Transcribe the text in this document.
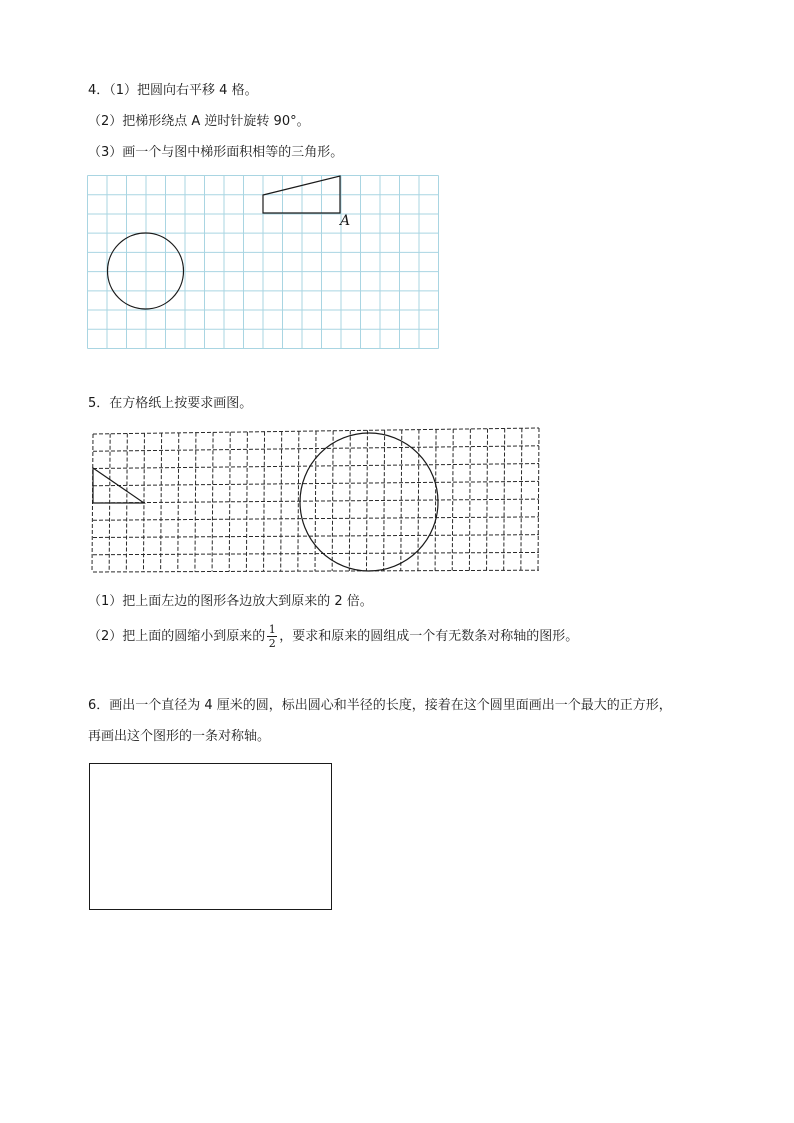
4．（1）把圆向右平移 4 格。
（2）把梯形绕点 A 逆时针旋转 90°。
（3）画一个与图中梯形面积相等的三角形。
A
5．在方格纸上按要求画图。
（1）把上面左边的图形各边放大到原来的 2 倍。
（2）把上面的圆缩小到原来的 $\frac{1}{2}$ ，要求和原来的圆组成一个有无数条对称轴的图形。
6．画出一个直径为 4 厘米的圆，标出圆心和半径的长度，接着在这个圆里面画出一个最大的正方形，
再画出这个图形的一条对称轴。
